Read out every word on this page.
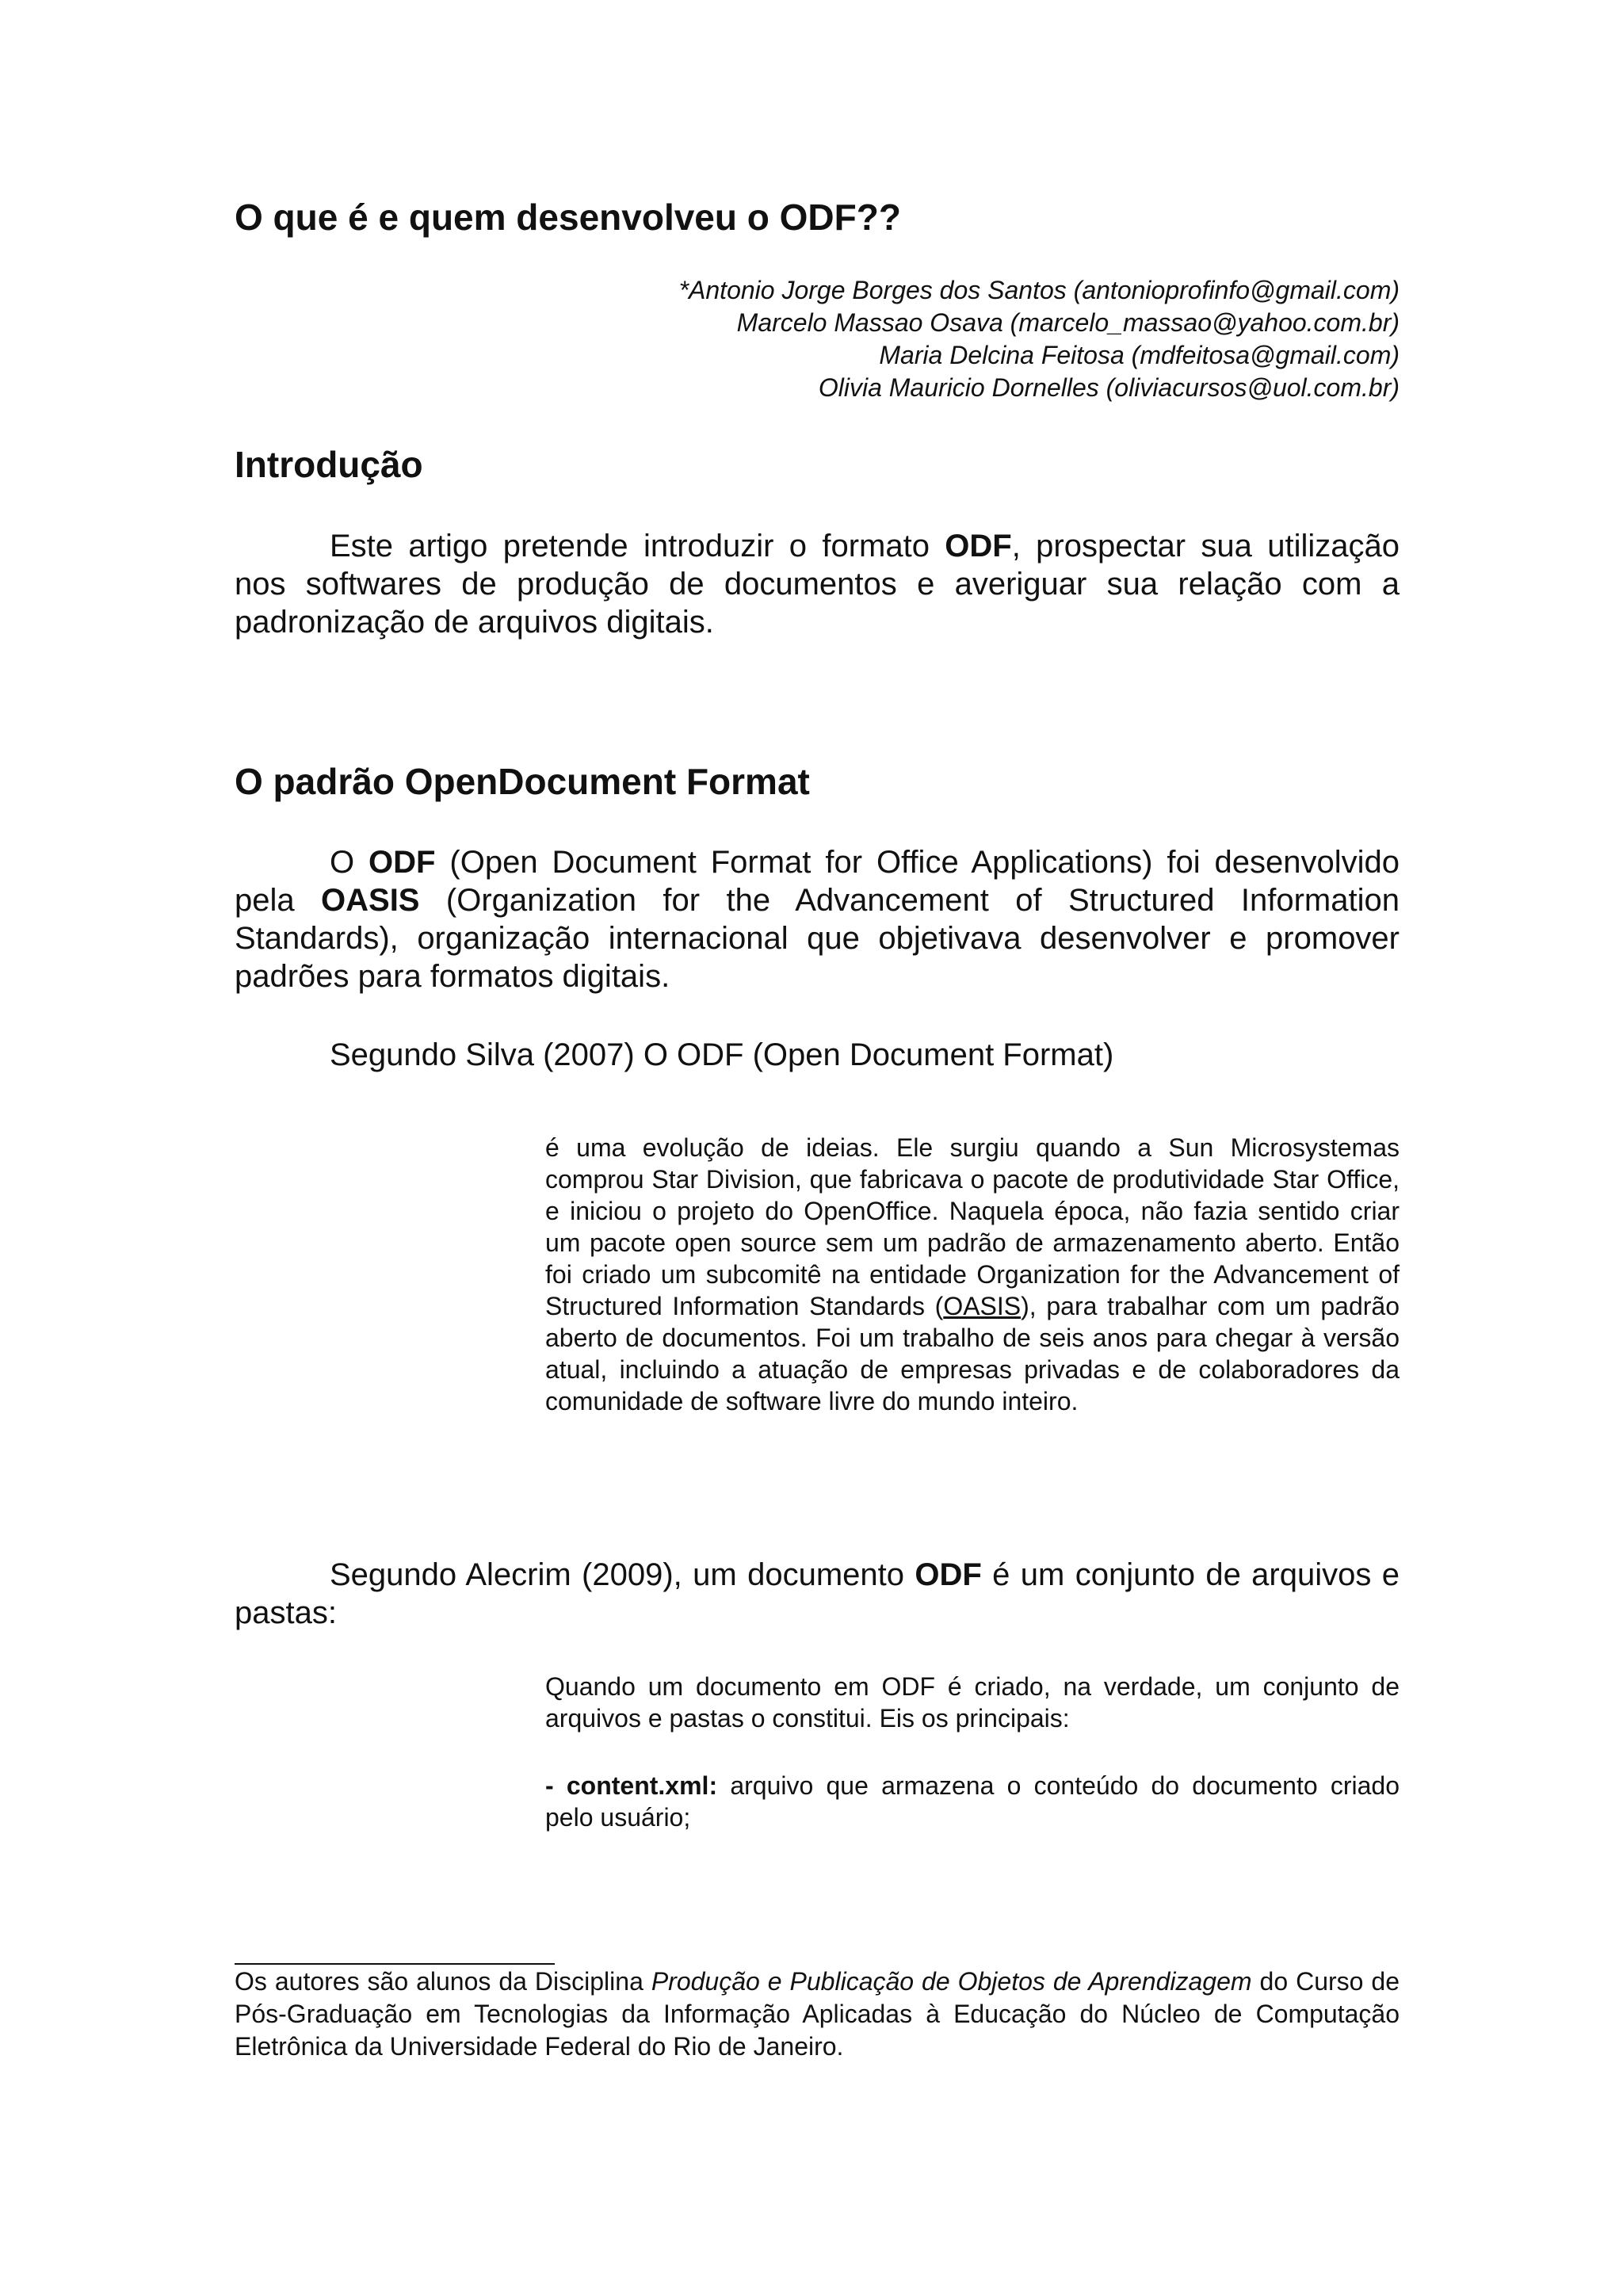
O que é e quem desenvolveu o ODF??
*Antonio Jorge Borges dos Santos (antonioprofinfo@gmail.com)
Marcelo Massao Osava (marcelo_massao@yahoo.com.br)
Maria Delcina Feitosa (mdfeitosa@gmail.com)
Olivia Mauricio Dornelles (oliviacursos@uol.com.br)
Introdução

Este artigo pretende introduzir o formato ODF, prospectar sua utilização nos softwares de produção de documentos e averiguar sua relação com a padronização de arquivos digitais.

O padrão OpenDocument Format

O ODF (Open Document Format for Office Applications) foi desenvolvido pela OASIS (Organization for the Advancement of Structured Information Standards), organização internacional que objetivava desenvolver e promover padrões para formatos digitais.

Segundo Silva (2007) O ODF (Open Document Format)

é uma evolução de ideias. Ele surgiu quando a Sun Microsystemas comprou Star Division, que fabricava o pacote de produtividade Star Office, e iniciou o projeto do OpenOffice. Naquela época, não fazia sentido criar um pacote open source sem um padrão de armazenamento aberto. Então foi criado um subcomitê na entidade Organization for the Advancement of Structured Information Standards (OASIS), para trabalhar com um padrão aberto de documentos. Foi um trabalho de seis anos para chegar à versão atual, incluindo a atuação de empresas privadas e de colaboradores da comunidade de software livre do mundo inteiro.

Segundo Alecrim (2009), um documento ODF é um conjunto de arquivos e pastas:

Quando um documento em ODF é criado, na verdade, um conjunto de arquivos e pastas o constitui. Eis os principais:

- content.xml: arquivo que armazena o conteúdo do documento criado pelo usuário;

Os autores são alunos da Disciplina Produção e Publicação de Objetos de Aprendizagem do Curso de Pós-Graduação em Tecnologias da Informação Aplicadas à Educação do Núcleo de Computação Eletrônica da Universidade Federal do Rio de Janeiro.
